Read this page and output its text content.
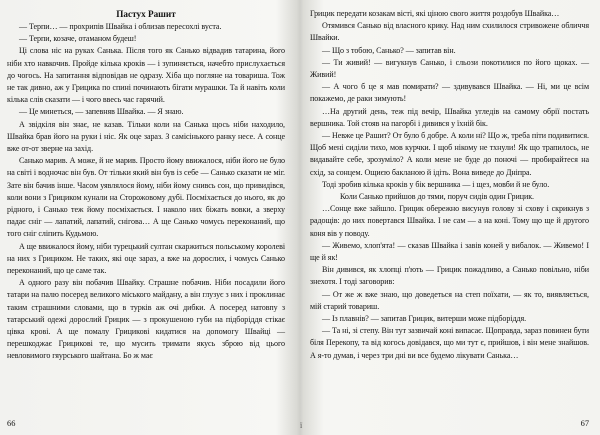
Пастух Рашит

— Терпи… — прохрипів Швайка і облизав пересохлі вуста.

— Терпи, козаче, отаманом будеш!

Ці слова ніс на руках Санька. Після того як Санько відвадив татарина, його ніби хто навкочив. Пройде кілька кроків — і зупиняється, начебто прислухається до чогось. На запитання відповідав не одразу. Хіба що погляне на товариша. Тож не так дивно, аж у Грицика по спині починають бігати мурашки. Та й навіть коли кілька слів сказати — і чого ввесь час гарячий.

— Це минеться, — запевняв Швайка. — Я знаю.

А звідкіля він знає, не казав. Тільки коли на Санька щось ніби находило, Швайка брав його на руки і ніс. Як оце зараз. З самісінького ранку несе. А сонце вже от-от зверне на захід.

Санько марив. А може, й не марив. Просто йому ввижалося, ніби його не було на світі і водночас він був. От тільки який він був із себе — Санько сказати не міг. Зате він бачив інше. Часом уявлялося йому, ніби йому снивсь сон, що привидівся, коли вони з Грициком кунали на Сторожовому дубі. Посміхається до нього, як до рідного, і Санько теж йому посміхається. І наколо них біжать вовки, а зверху падає сніг — лапатий, лапатий, снігова… А ще Санько чомусь переконаний, що того сніг сліпить Кудьмою.

А ще ввижалося йому, ніби турецький султан скаржиться польському королеві на них з Грициком. Не таких, які оце зараз, а вже на дорослих, і чомусь Санько переконаний, що це саме так.

А одного разу він побачив Швайку. Страшне побачив. Ніби посадили його татари на палю посеред великого міського майдану, а він глузує з них і проклинає таким страшними словами, що в турків аж очі дибки. А посеред натовпу з татарський одежі дорослий Грицик — з прокушеною губи на підборіддя стікає цівка крові. А ще помалу Грицикові кидатися на допомогу Швайці — перешкоджає Грицикові те, що мусить тримати якусь зброю від цього невловимого гяурського шайтана. Бо ж має

66

Грицик передати козакам вісті, які ціною свого життя роздобув Швайка…

Отямився Санько від власного крику. Над ним схилилося стривожене обличчя Швайки.

— Що з тобою, Санько? — запитав він.

— Ти живий! — вигукнув Санько, і сльози покотилися по його щоках. — Живий!

— А чого б це я мав помирати? — здивувався Швайка. — Ні, ми це всім покажемо, де раки зимують!

…На другий день, теж під вечір, Швайка угледів на самому обрії постать вершника. Той стояв на пагорбі і дивився у їхній бік.

— Невже це Рашит? От було б добре. А коли ні? Що ж, треба піти подивитися. Щоб мені сиділи тихо, мов курчки. І щоб нікому не тхнули! Як що трапилось, не видавайте себе, зрозуміло? А коли мене не буде до поночі — пробирайтеся на схід, за сонцем. Ощиєю бакланою й ідіть. Вона виведе до Дніпра.

Тоді зробив кілька кроків у бік вершника — і щез, мовби й не було.

Коли Санько прийшов до тями, поруч сидів один Грицик.

…Сонце вже зайшло. Грицик обережно висунув голову зі схову і скрикнув з радощів: до них повертався Швайка. І не сам — а на коні. Тому що ще й другого коня вів у поводу.

— Живемо, хлоп'ята! — сказав Швайка і завів коней у вибалок. — Живемо! І ще й як!

Він дивився, як хлопці п'ють — Грицик пожадливо, а Санько повільно, ніби знехотя. І тоді заговорив:

— От же ж вже знаю, що доведеться на степ поїхати, — як то, виявляється, мій старий товариш.

— Із плавнів? — запитав Грицик, витерши може підборіддя.

— Та ні, зі степу. Він тут зазвичай коні випасає. Щоправда, зараз повинен бути біля Перекопу, та від когось довідався, що ми тут є, прийшов, і він мене знайшов. А я-то думав, і через три дні ви все будемо лікувати Санька…

67
ї
